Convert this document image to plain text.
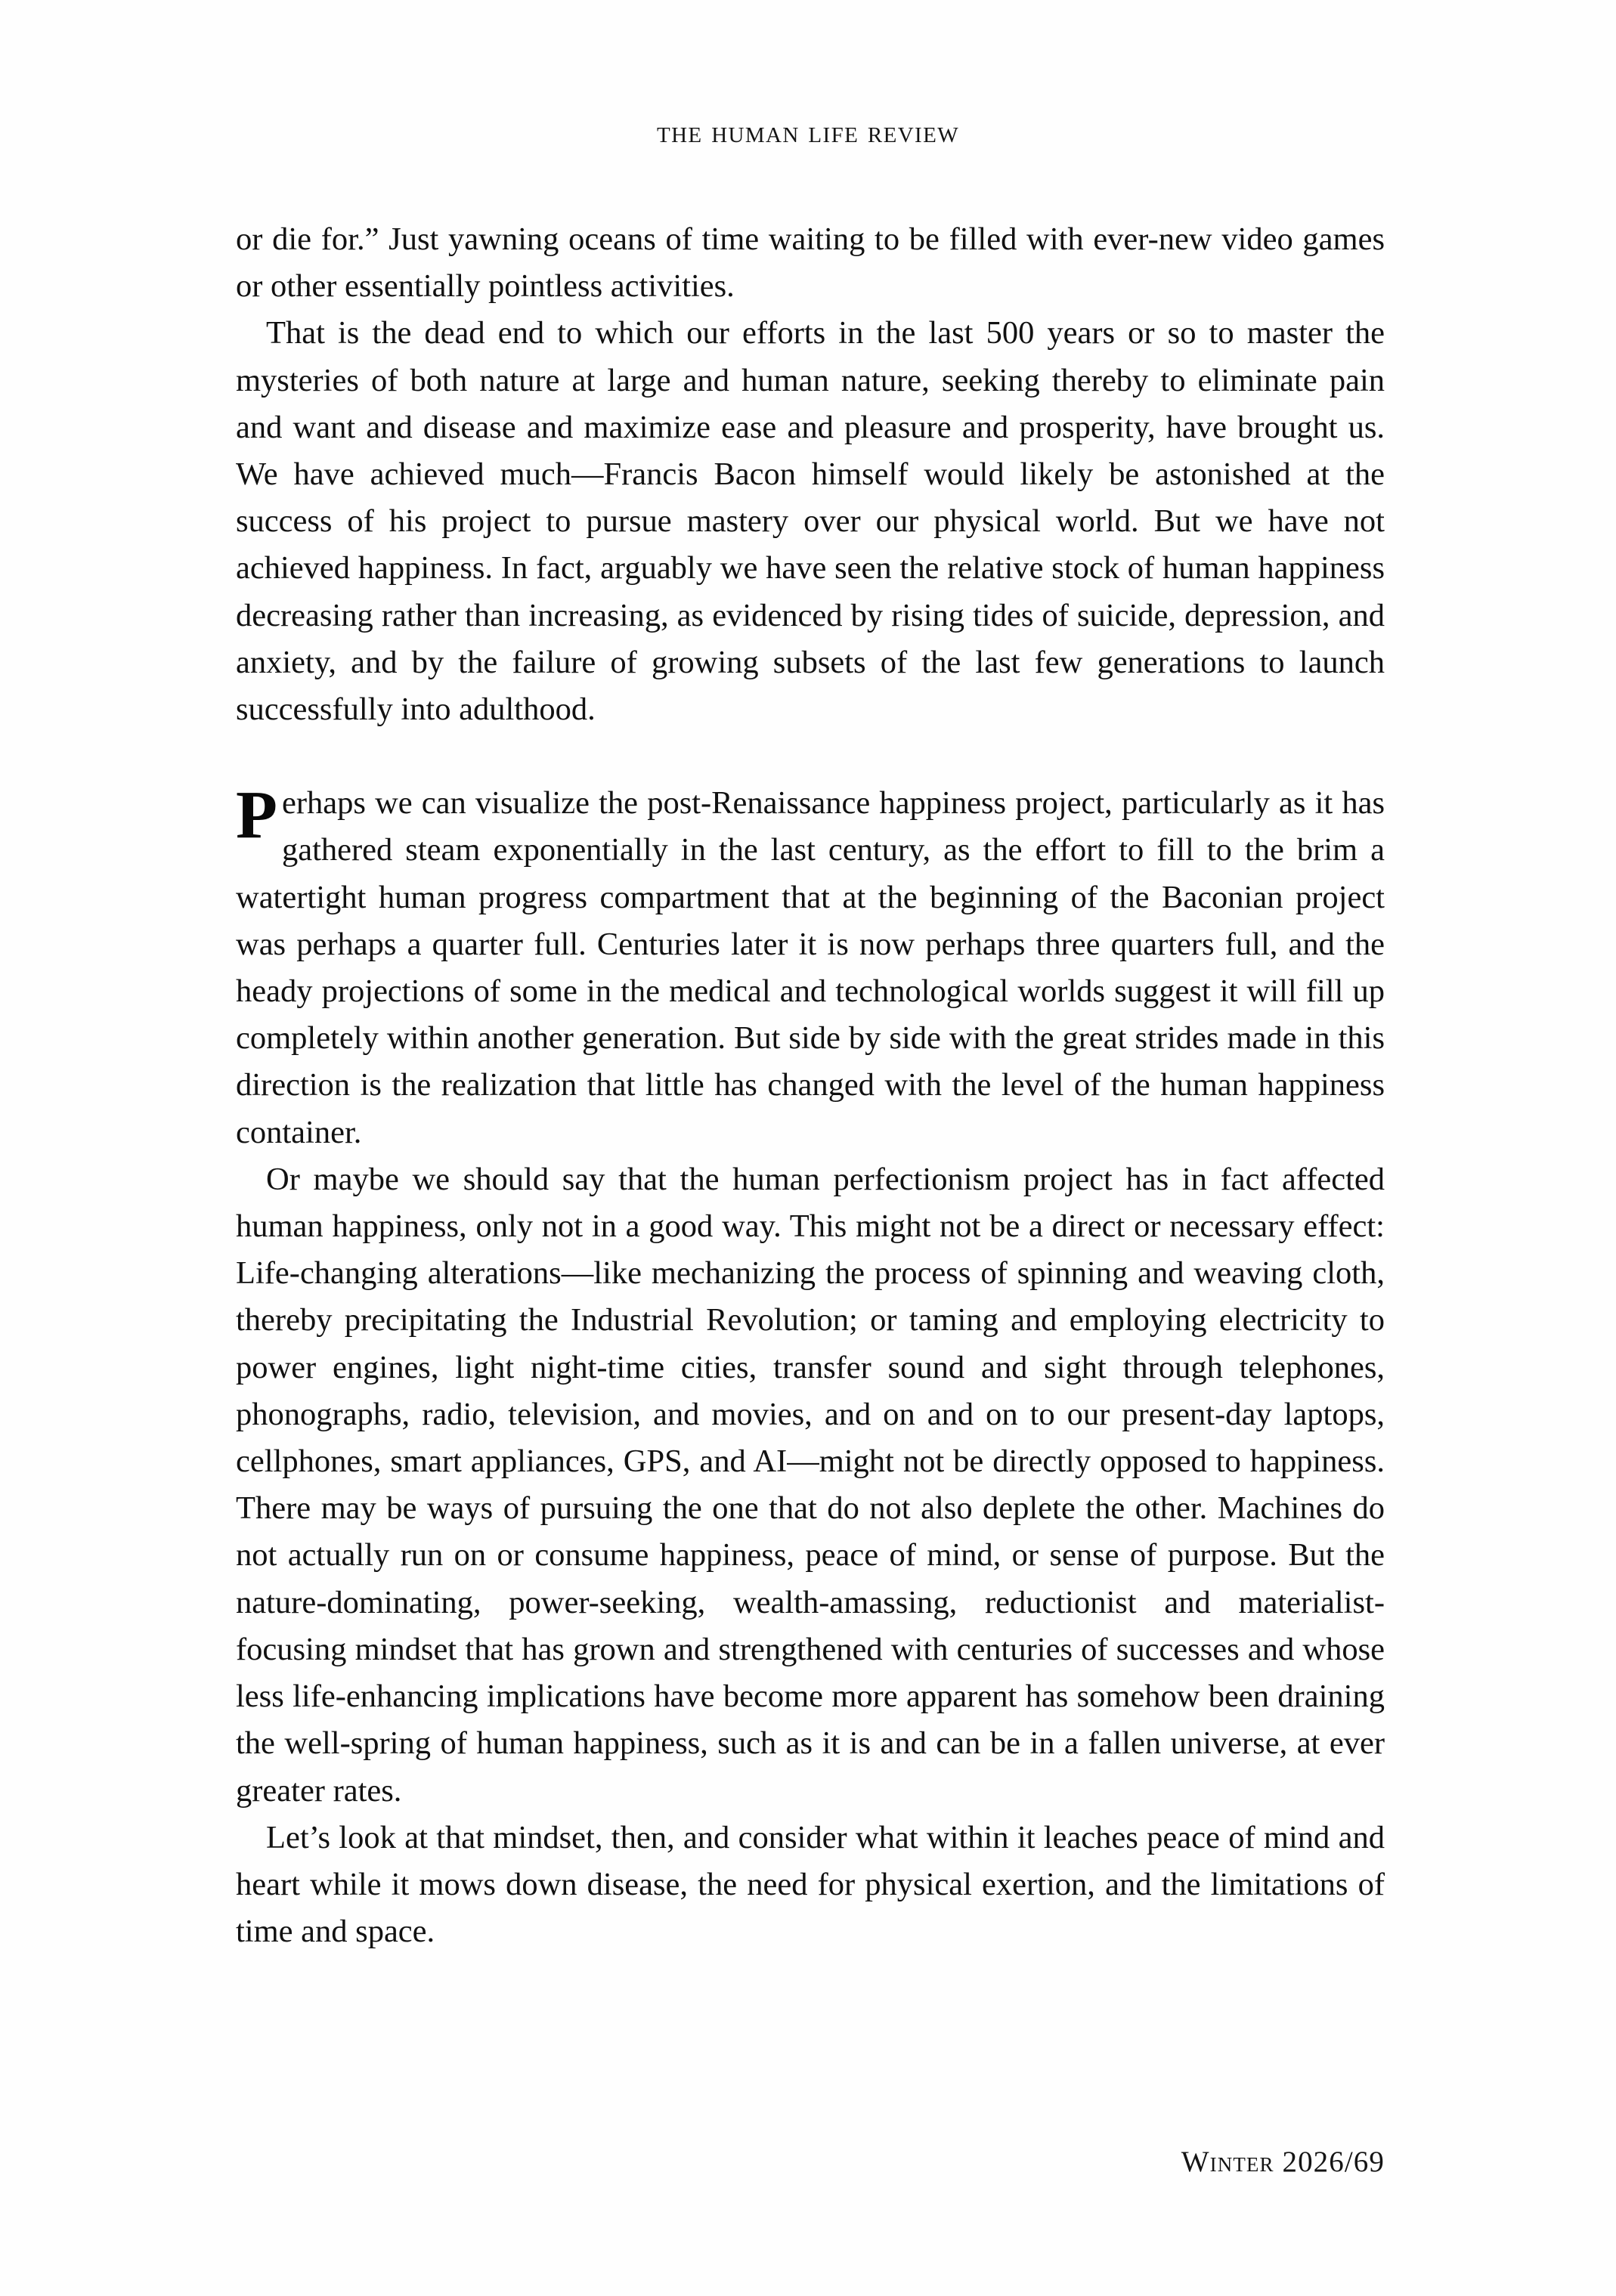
the human life review

or die for.” Just yawning oceans of time waiting to be filled with ever-new video games or other essentially pointless activities.

That is the dead end to which our efforts in the last 500 years or so to master the mysteries of both nature at large and human nature, seeking thereby to eliminate pain and want and disease and maximize ease and pleasure and prosperity, have brought us. We have achieved much—Francis Bacon himself would likely be astonished at the success of his project to pursue mastery over our physical world. But we have not achieved happiness. In fact, arguably we have seen the relative stock of human happiness decreasing rather than increasing, as evidenced by rising tides of suicide, depression, and anxiety, and by the failure of growing subsets of the last few generations to launch successfully into adulthood.

Perhaps we can visualize the post-Renaissance happiness project, particularly as it has gathered steam exponentially in the last century, as the effort to fill to the brim a watertight human progress compartment that at the beginning of the Baconian project was perhaps a quarter full. Centuries later it is now perhaps three quarters full, and the heady projections of some in the medical and technological worlds suggest it will fill up completely within another generation. But side by side with the great strides made in this direction is the realization that little has changed with the level of the human happiness container.

Or maybe we should say that the human perfectionism project has in fact affected human happiness, only not in a good way. This might not be a direct or necessary effect: Life-changing alterations—like mechanizing the process of spinning and weaving cloth, thereby precipitating the Industrial Revolution; or taming and employing electricity to power engines, light night-time cities, transfer sound and sight through telephones, phonographs, radio, television, and movies, and on and on to our present-day laptops, cellphones, smart appliances, GPS, and AI—might not be directly opposed to happiness. There may be ways of pursuing the one that do not also deplete the other. Machines do not actually run on or consume happiness, peace of mind, or sense of purpose. But the nature-dominating, power-seeking, wealth-amassing, reductionist and materialist-focusing mindset that has grown and strengthened with centuries of successes and whose less life-enhancing implications have become more apparent has somehow been draining the well-spring of human happiness, such as it is and can be in a fallen universe, at ever greater rates.

Let’s look at that mindset, then, and consider what within it leaches peace of mind and heart while it mows down disease, the need for physical exertion, and the limitations of time and space.

Winter 2026/69
